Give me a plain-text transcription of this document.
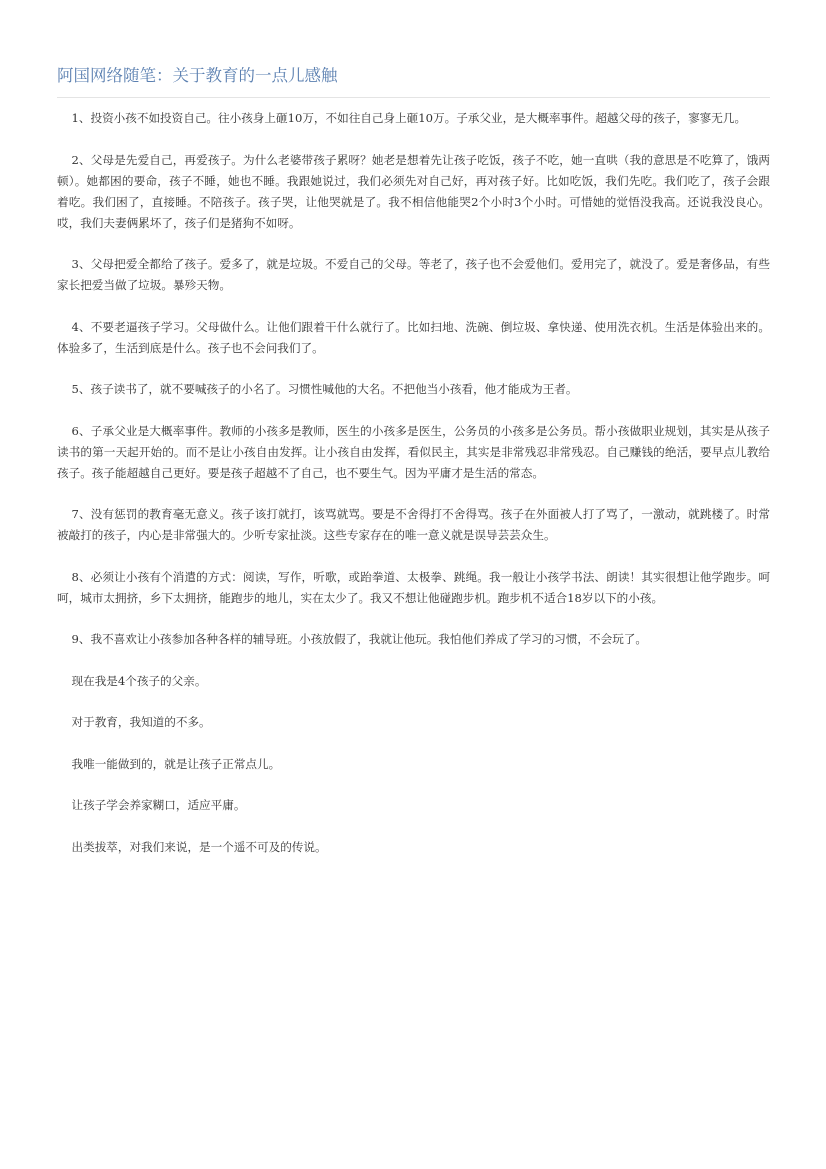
阿国网络随笔：关于教育的一点儿感触

1、投资小孩不如投资自己。往小孩身上砸10万，不如往自己身上砸10万。子承父业，是大概率事件。超越父母的孩子，寥寥无几。

2、父母是先爱自己，再爱孩子。为什么老婆带孩子累呀？她老是想着先让孩子吃饭，孩子不吃，她一直哄（我的意思是不吃算了，饿两顿）。她都困的要命，孩子不睡，她也不睡。我跟她说过，我们必须先对自己好，再对孩子好。比如吃饭，我们先吃。我们吃了，孩子会跟着吃。我们困了，直接睡。不陪孩子。孩子哭，让他哭就是了。我不相信他能哭2个小时3个小时。可惜她的觉悟没我高。还说我没良心。哎，我们夫妻俩累坏了，孩子们是猪狗不如呀。

3、父母把爱全都给了孩子。爱多了，就是垃圾。不爱自己的父母。等老了，孩子也不会爱他们。爱用完了，就没了。爱是奢侈品，有些家长把爱当做了垃圾。暴殄天物。

4、不要老逼孩子学习。父母做什么。让他们跟着干什么就行了。比如扫地、洗碗、倒垃圾、拿快递、使用洗衣机。生活是体验出来的。体验多了，生活到底是什么。孩子也不会问我们了。

5、孩子读书了，就不要喊孩子的小名了。习惯性喊他的大名。不把他当小孩看，他才能成为王者。

6、子承父业是大概率事件。教师的小孩多是教师，医生的小孩多是医生，公务员的小孩多是公务员。帮小孩做职业规划，其实是从孩子读书的第一天起开始的。而不是让小孩自由发挥。让小孩自由发挥，看似民主，其实是非常残忍非常残忍。自己赚钱的绝活，要早点儿教给孩子。孩子能超越自己更好。要是孩子超越不了自己，也不要生气。因为平庸才是生活的常态。

7、没有惩罚的教育毫无意义。孩子该打就打，该骂就骂。要是不舍得打不舍得骂。孩子在外面被人打了骂了，一激动，就跳楼了。时常被敲打的孩子，内心是非常强大的。少听专家扯淡。这些专家存在的唯一意义就是误导芸芸众生。

8、必须让小孩有个消遣的方式：阅读，写作，听歌，或跆拳道、太极拳、跳绳。我一般让小孩学书法、朗读！其实很想让他学跑步。呵呵，城市太拥挤，乡下太拥挤，能跑步的地儿，实在太少了。我又不想让他碰跑步机。跑步机不适合18岁以下的小孩。

9、我不喜欢让小孩参加各种各样的辅导班。小孩放假了，我就让他玩。我怕他们养成了学习的习惯，不会玩了。

现在我是4个孩子的父亲。

对于教育，我知道的不多。

我唯一能做到的，就是让孩子正常点儿。

让孩子学会养家糊口，适应平庸。

出类拔萃，对我们来说，是一个遥不可及的传说。
